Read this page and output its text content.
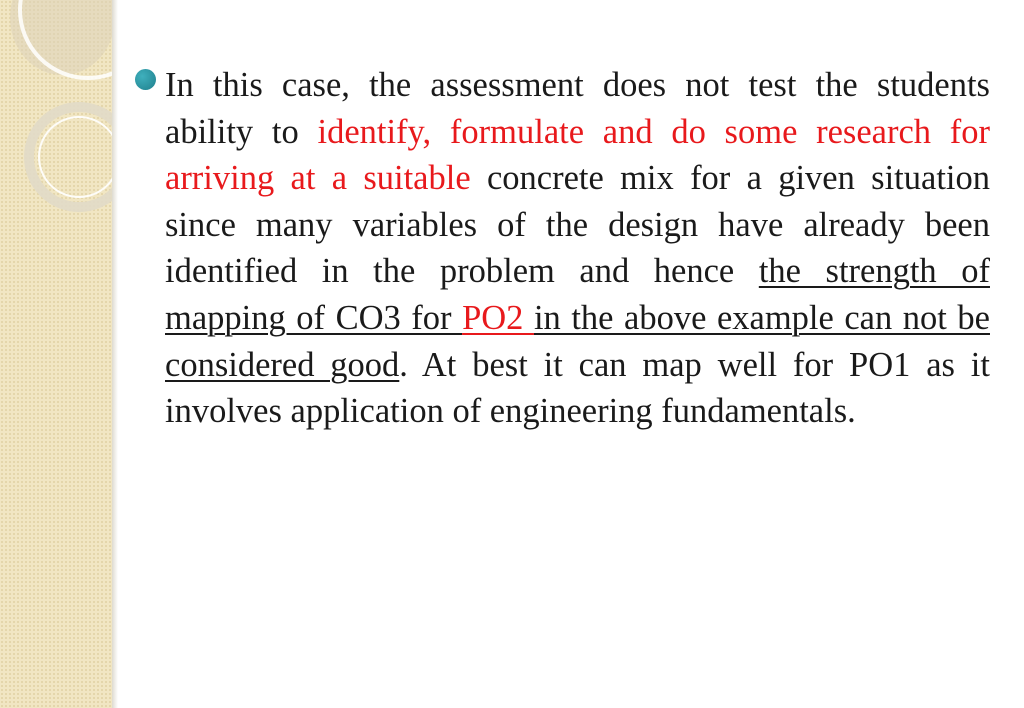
In this case, the assessment does not test the students ability to identify, formulate and do some research for arriving at a suitable concrete mix for a given situation since many variables of the design have already been identified in the problem and hence the strength of mapping of CO3 for PO2 in the above example can not be considered good. At best it can map well for PO1 as it involves application of engineering fundamentals.
